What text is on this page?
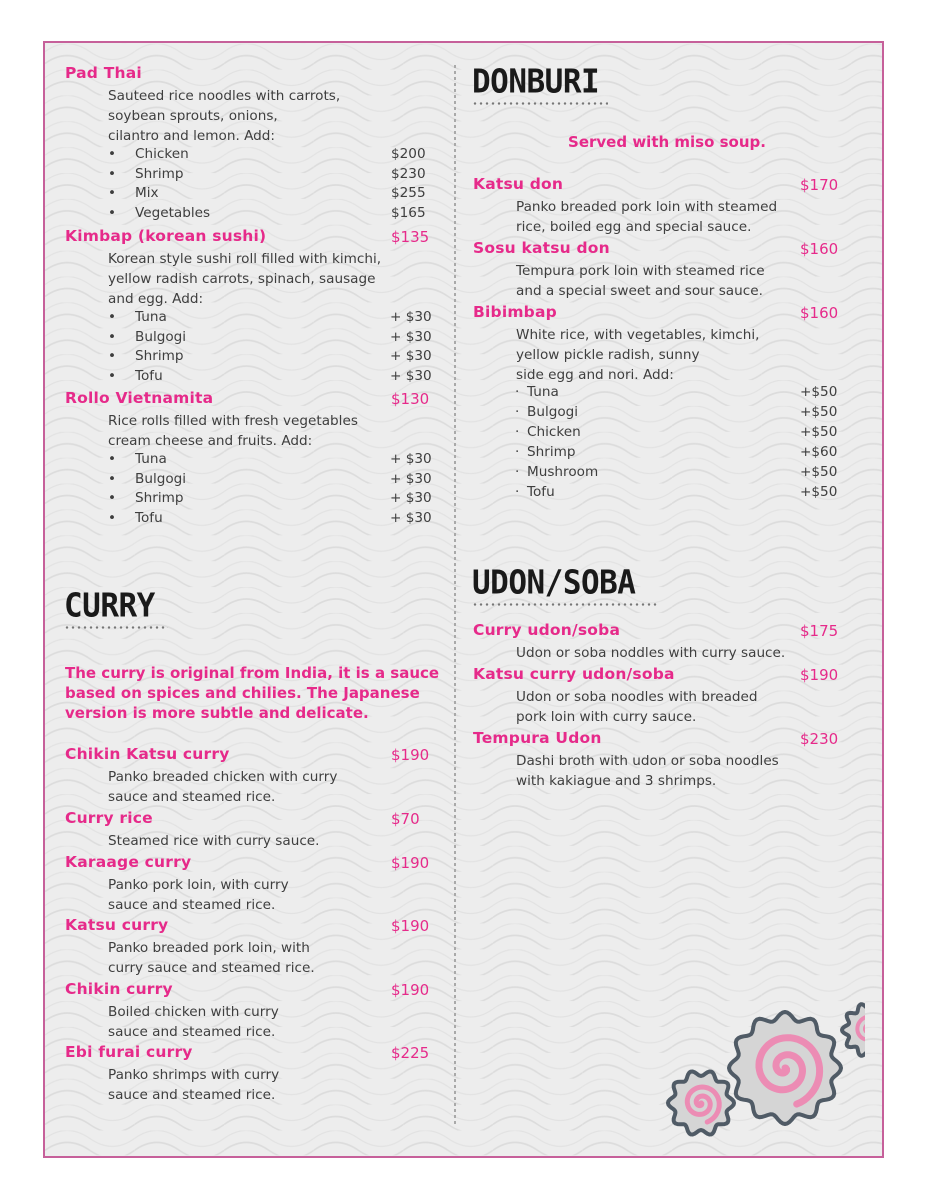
Pad Thai
Sauteed rice noodles with carrots,
soybean sprouts, onions,
cilantro and lemon. Add:
• Chicken	$200
• Shrimp	$230
• Mix	$255
• Vegetables	$165
Kimbap (korean sushi)	$135
Korean style sushi roll filled with kimchi,
yellow radish carrots, spinach, sausage
and egg. Add:
• Tuna	+ $30
• Bulgogi	+ $30
• Shrimp	+ $30
• Tofu	+ $30
Rollo Vietnamita	$130
Rice rolls filled with fresh vegetables
cream cheese and fruits. Add:
• Tuna	+ $30
• Bulgogi	+ $30
• Shrimp	+ $30
• Tofu	+ $30
CURRY
The curry is original from India, it is a sauce
based on spices and chilies. The Japanese
version is more subtle and delicate.
Chikin Katsu curry	$190
Panko breaded chicken with curry
sauce and steamed rice.
Curry rice	$70
Steamed rice with curry sauce.
Karaage curry	$190
Panko pork loin, with curry
sauce and steamed rice.
Katsu curry	$190
Panko breaded pork loin, with
curry sauce and steamed rice.
Chikin curry	$190
Boiled chicken with curry
sauce and steamed rice.
Ebi furai curry	$225
Panko shrimps with curry
sauce and steamed rice.
DONBURI
Served with miso soup.
Katsu don	$170
Panko breaded pork loin with steamed
rice, boiled egg and special sauce.
Sosu katsu don	$160
Tempura pork loin with steamed rice
and a special sweet and sour sauce.
Bibimbap	$160
White rice, with vegetables, kimchi,
yellow pickle radish, sunny
side egg and nori. Add:
· Tuna	+$50
· Bulgogi	+$50
· Chicken	+$50
· Shrimp	+$60
· Mushroom	+$50
· Tofu	+$50
UDON/SOBA
Curry udon/soba	$175
Udon or soba noddles with curry sauce.
Katsu curry udon/soba	$190
Udon or soba noodles with breaded
pork loin with curry sauce.
Tempura Udon	$230
Dashi broth with udon or soba noodles
with kakiague and 3 shrimps.
